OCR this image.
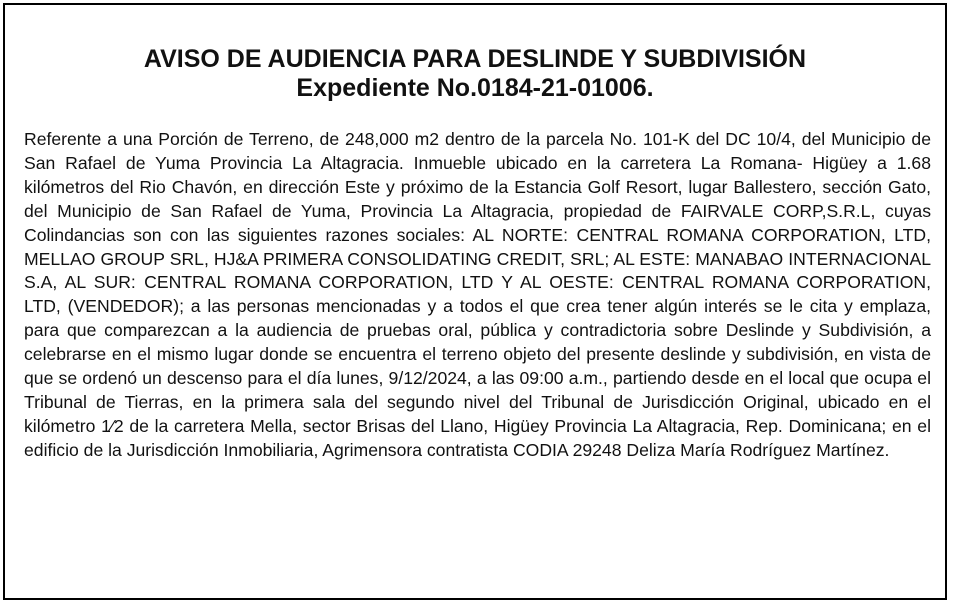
AVISO DE AUDIENCIA PARA DESLINDE Y SUBDIVISIÓN
Expediente No.0184-21-01006.

Referente a una Porción de Terreno, de 248,000 m2 dentro de la parcela No. 101-K del DC 10/4, del Municipio de San Rafael de Yuma Provincia La Altagracia. Inmueble ubicado en la carretera La Romana- Higüey a 1.68 kilómetros del Rio Chavón, en dirección Este y próximo de la Estancia Golf Resort, lugar Ballestero, sección Gato, del Municipio de San Rafael de Yuma, Provincia La Altagracia, propiedad de FAIRVALE CORP,S.R.L, cuyas Colindancias son con las siguientes razones sociales: AL NORTE: CENTRAL ROMANA CORPORATION, LTD, MELLAO GROUP SRL, HJ&A PRIMERA CONSOLIDATING CREDIT, SRL; AL ESTE: MANABAO INTERNACIONAL S.A, AL SUR: CENTRAL ROMANA CORPORATION, LTD Y AL OESTE: CENTRAL ROMANA CORPORATION, LTD, (VENDEDOR); a las personas mencionadas y a todos el que crea tener algún interés se le cita y emplaza, para que comparezcan a la audiencia de pruebas oral, pública y contradictoria sobre Deslinde y Subdivisión, a celebrarse en el mismo lugar donde se encuentra el terreno objeto del presente deslinde y subdivisión, en vista de que se ordenó un descenso para el día lunes, 9/12/2024, a las 09:00 a.m., partiendo desde en el local que ocupa el Tribunal de Tierras, en la primera sala del segundo nivel del Tribunal de Jurisdicción Original, ubicado en el kilómetro 1⁄2 de la carretera Mella, sector Brisas del Llano, Higüey Provincia La Altagracia, Rep. Dominicana; en el edificio de la Jurisdicción Inmobiliaria, Agrimensora contratista CODIA 29248 Deliza María Rodríguez Martínez.
